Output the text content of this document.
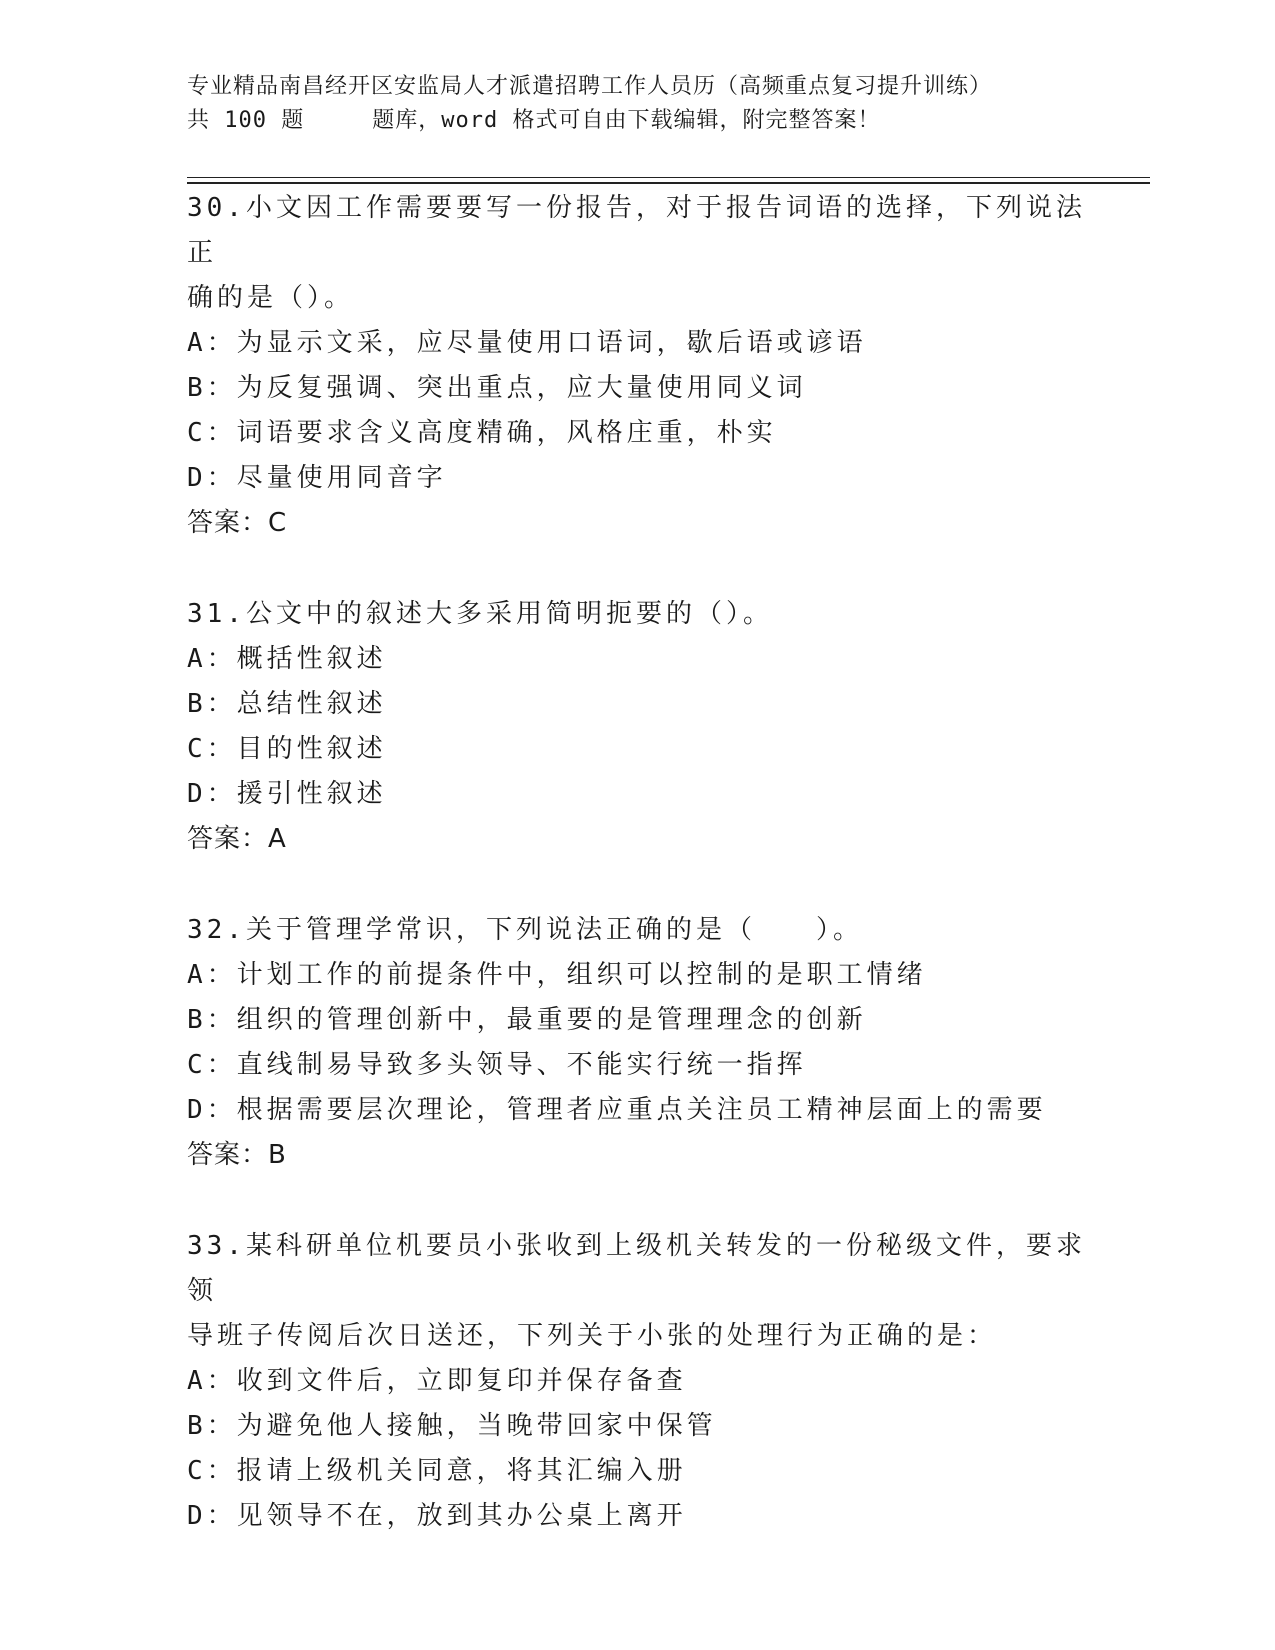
专业精品南昌经开区安监局人才派遣招聘工作人员历（高频重点复习提升训练）
共 100 题	题库，word 格式可自由下载编辑，附完整答案！
30.小文因工作需要要写一份报告，对于报告词语的选择，下列说法正
确的是（）。
A：为显示文采，应尽量使用口语词，歇后语或谚语
B：为反复强调、突出重点，应大量使用同义词
C：词语要求含义高度精确，风格庄重，朴实
D：尽量使用同音字
答案：C
31.公文中的叙述大多采用简明扼要的（）。
A：概括性叙述
B：总结性叙述
C：目的性叙述
D：援引性叙述
答案：A
32.关于管理学常识，下列说法正确的是（　　）。
A：计划工作的前提条件中，组织可以控制的是职工情绪
B：组织的管理创新中，最重要的是管理理念的创新
C：直线制易导致多头领导、不能实行统一指挥
D：根据需要层次理论，管理者应重点关注员工精神层面上的需要
答案：B
33.某科研单位机要员小张收到上级机关转发的一份秘级文件，要求领
导班子传阅后次日送还，下列关于小张的处理行为正确的是：
A：收到文件后，立即复印并保存备查
B：为避免他人接触，当晚带回家中保管
C：报请上级机关同意，将其汇编入册
D：见领导不在，放到其办公桌上离开
